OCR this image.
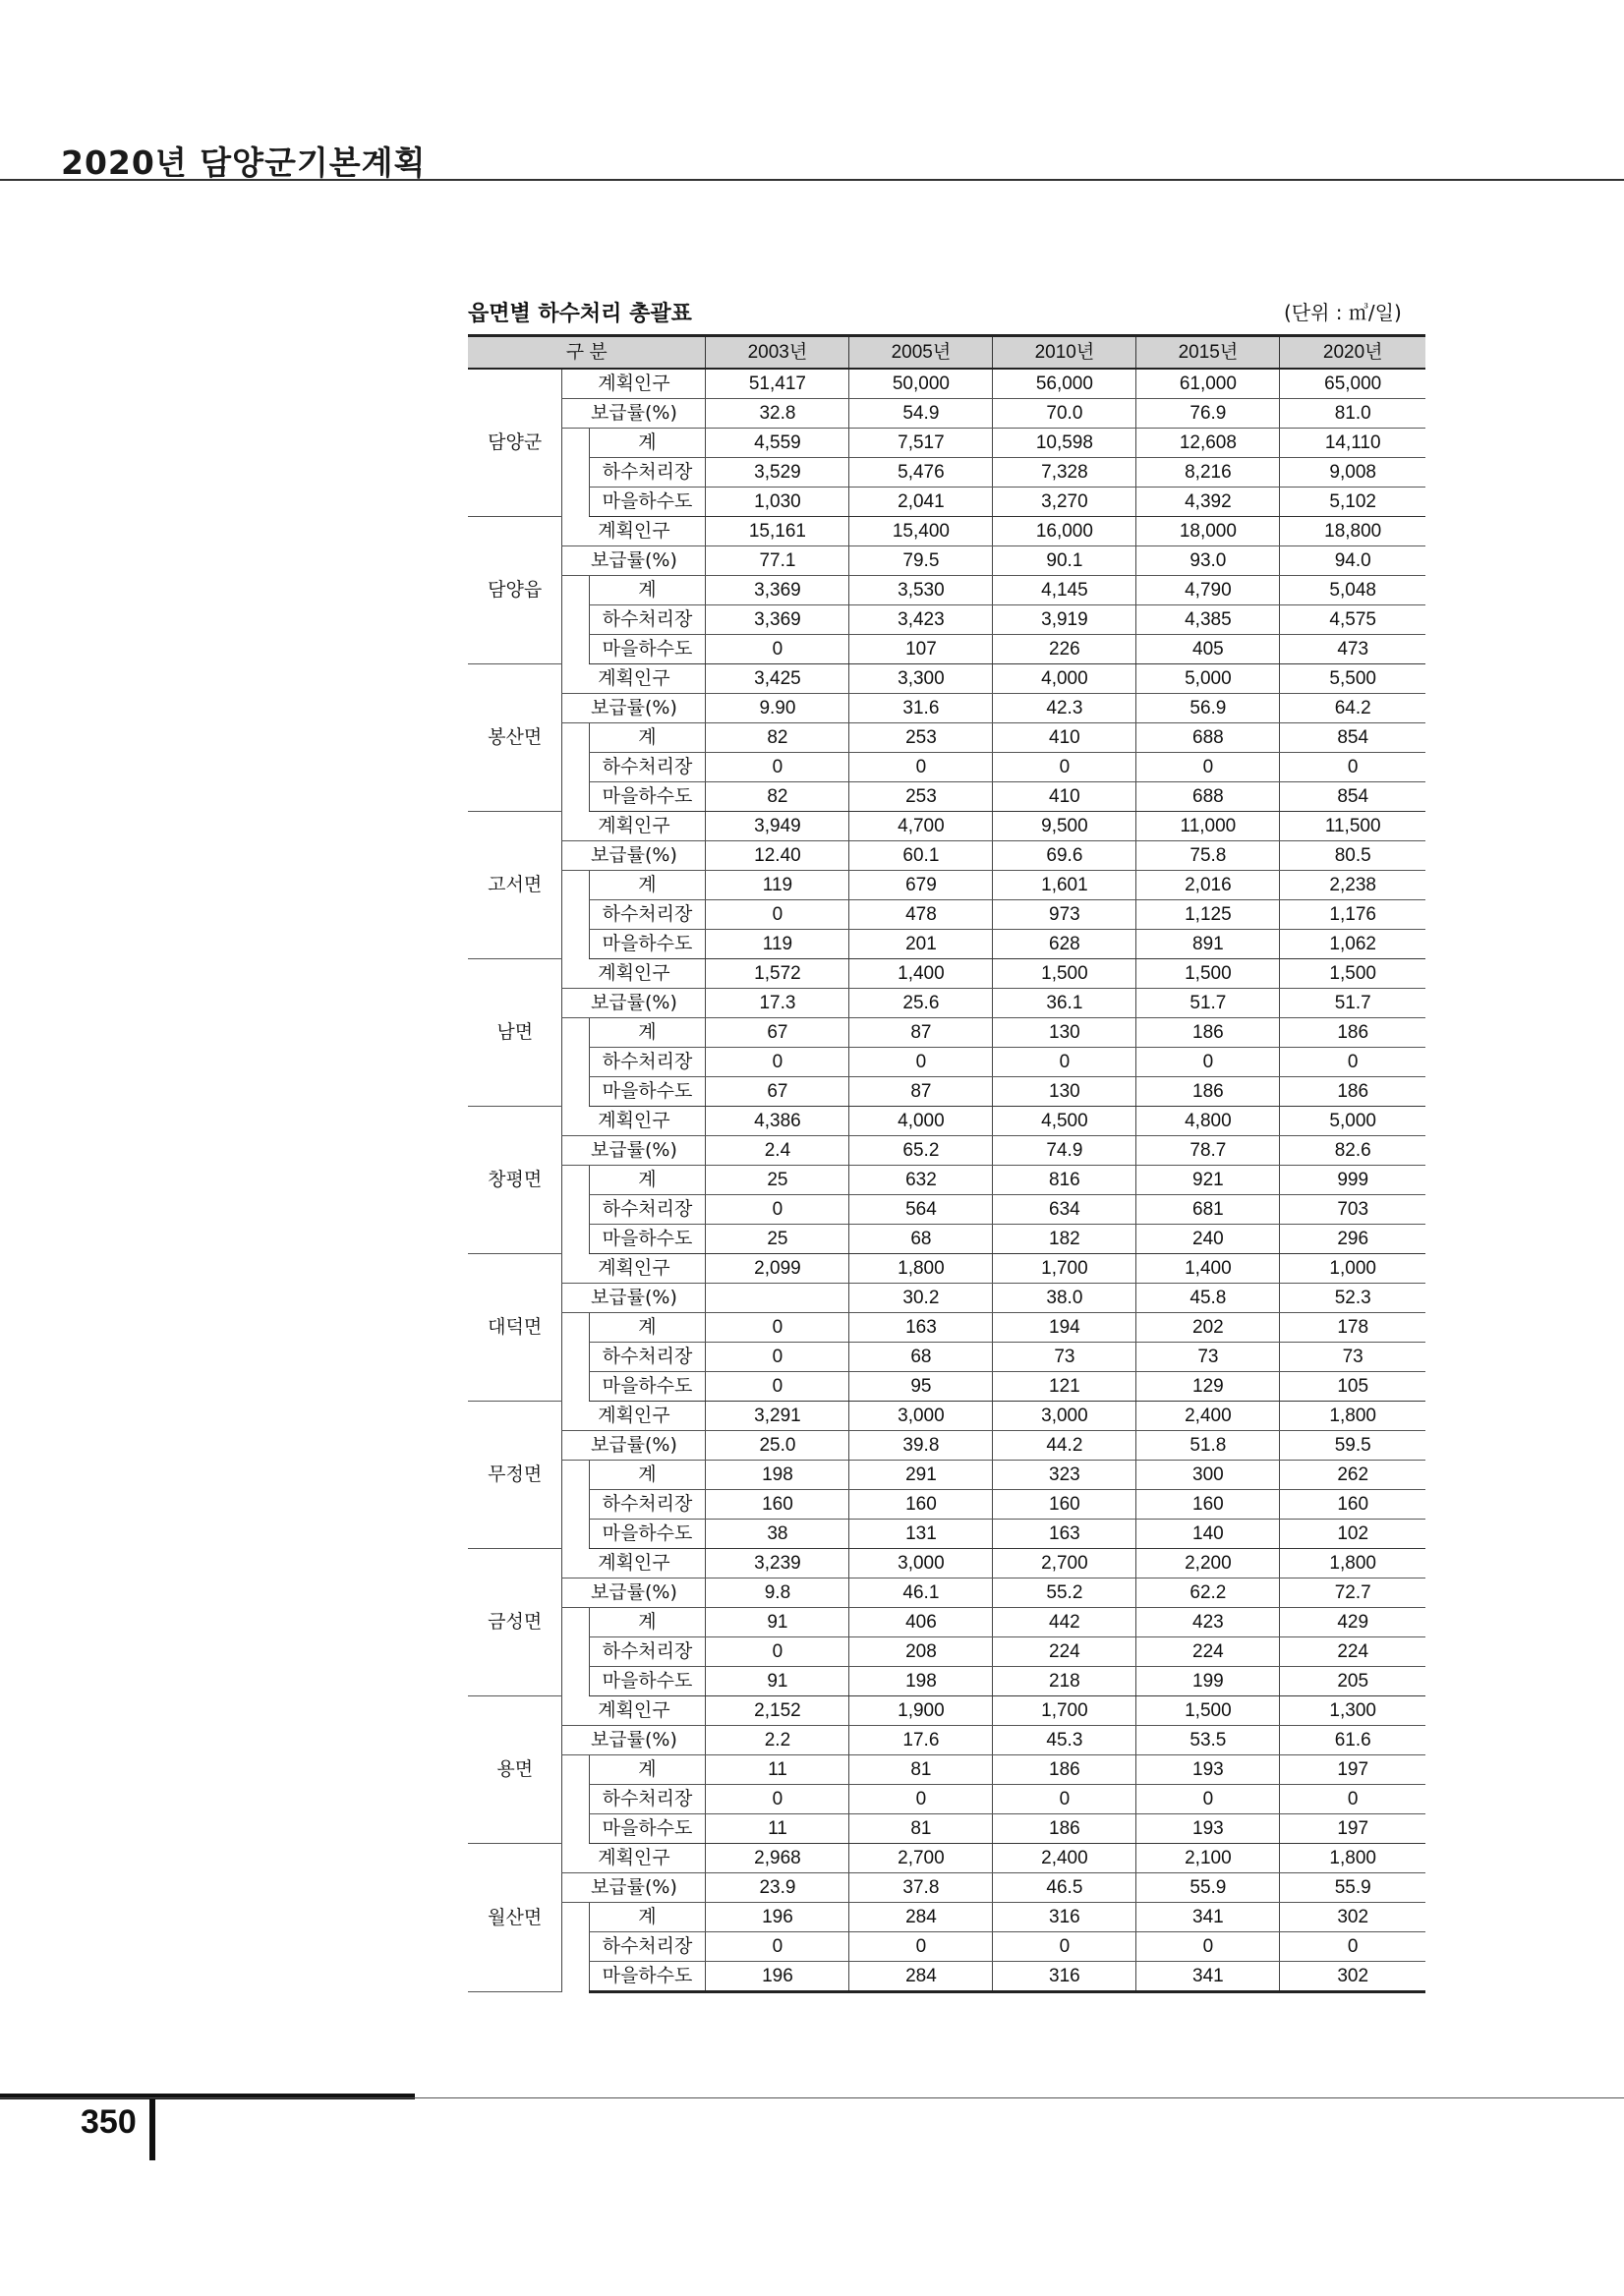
2020년 담양군기본계획
읍면별 하수처리 총괄표	(단위 : ㎥/일)
구 분			2003년	2005년	2010년	2015년	2020년
담양군	계획인구		51,417	50,000	56,000	61,000	65,000
	보급률(%)		32.8	54.9	70.0	76.9	81.0
		계	4,559	7,517	10,598	12,608	14,110
		하수처리장	3,529	5,476	7,328	8,216	9,008
		마을하수도	1,030	2,041	3,270	4,392	5,102
담양읍	계획인구		15,161	15,400	16,000	18,000	18,800
	보급률(%)		77.1	79.5	90.1	93.0	94.0
		계	3,369	3,530	4,145	4,790	5,048
		하수처리장	3,369	3,423	3,919	4,385	4,575
		마을하수도	0	107	226	405	473
봉산면	계획인구		3,425	3,300	4,000	5,000	5,500
	보급률(%)		9.90	31.6	42.3	56.9	64.2
		계	82	253	410	688	854
		하수처리장	0	0	0	0	0
		마을하수도	82	253	410	688	854
고서면	계획인구		3,949	4,700	9,500	11,000	11,500
	보급률(%)		12.40	60.1	69.6	75.8	80.5
		계	119	679	1,601	2,016	2,238
		하수처리장	0	478	973	1,125	1,176
		마을하수도	119	201	628	891	1,062
남면	계획인구		1,572	1,400	1,500	1,500	1,500
	보급률(%)		17.3	25.6	36.1	51.7	51.7
		계	67	87	130	186	186
		하수처리장	0	0	0	0	0
		마을하수도	67	87	130	186	186
창평면	계획인구		4,386	4,000	4,500	4,800	5,000
	보급률(%)		2.4	65.2	74.9	78.7	82.6
		계	25	632	816	921	999
		하수처리장	0	564	634	681	703
		마을하수도	25	68	182	240	296
대덕면	계획인구		2,099	1,800	1,700	1,400	1,000
	보급률(%)			30.2	38.0	45.8	52.3
		계	0	163	194	202	178
		하수처리장	0	68	73	73	73
		마을하수도	0	95	121	129	105
무정면	계획인구		3,291	3,000	3,000	2,400	1,800
	보급률(%)		25.0	39.8	44.2	51.8	59.5
		계	198	291	323	300	262
		하수처리장	160	160	160	160	160
		마을하수도	38	131	163	140	102
금성면	계획인구		3,239	3,000	2,700	2,200	1,800
	보급률(%)		9.8	46.1	55.2	62.2	72.7
		계	91	406	442	423	429
		하수처리장	0	208	224	224	224
		마을하수도	91	198	218	199	205
용면	계획인구		2,152	1,900	1,700	1,500	1,300
	보급률(%)		2.2	17.6	45.3	53.5	61.6
		계	11	81	186	193	197
		하수처리장	0	0	0	0	0
		마을하수도	11	81	186	193	197
월산면	계획인구		2,968	2,700	2,400	2,100	1,800
	보급률(%)		23.9	37.8	46.5	55.9	55.9
		계	196	284	316	341	302
		하수처리장	0	0	0	0	0
		마을하수도	196	284	316	341	302
350
